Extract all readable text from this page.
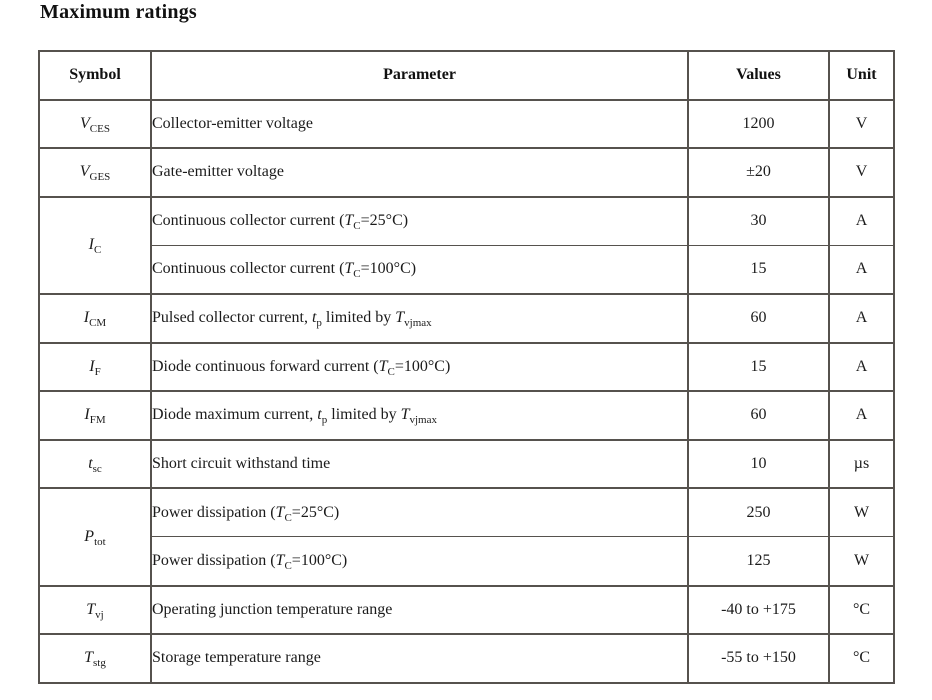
Maximum ratings
Symbol	Parameter	Values	Unit
$V_{CES}$	Collector-emitter voltage	1200	V
$V_{GES}$	Gate-emitter voltage	±20	V
$I_C$	Continuous collector current $(T_C=25^\circ C)$	30	A
	Continuous collector current $(T_C=100^\circ C)$	15	A
$I_{CM}$	Pulsed collector current, $t_p$ limited by $T_{vjmax}$	60	A
$I_F$	Diode continuous forward current $(T_C=100^\circ C)$	15	A
$I_{FM}$	Diode maximum current, $t_p$ limited by $T_{vjmax}$	60	A
$t_{sc}$	Short circuit withstand time	10	µs
$P_{tot}$	Power dissipation $(T_C=25^\circ C)$	250	W
	Power dissipation $(T_C=100^\circ C)$	125	W
$T_{vj}$	Operating junction temperature range	-40 to +175	°C
$T_{stg}$	Storage temperature range	-55 to +150	°C
